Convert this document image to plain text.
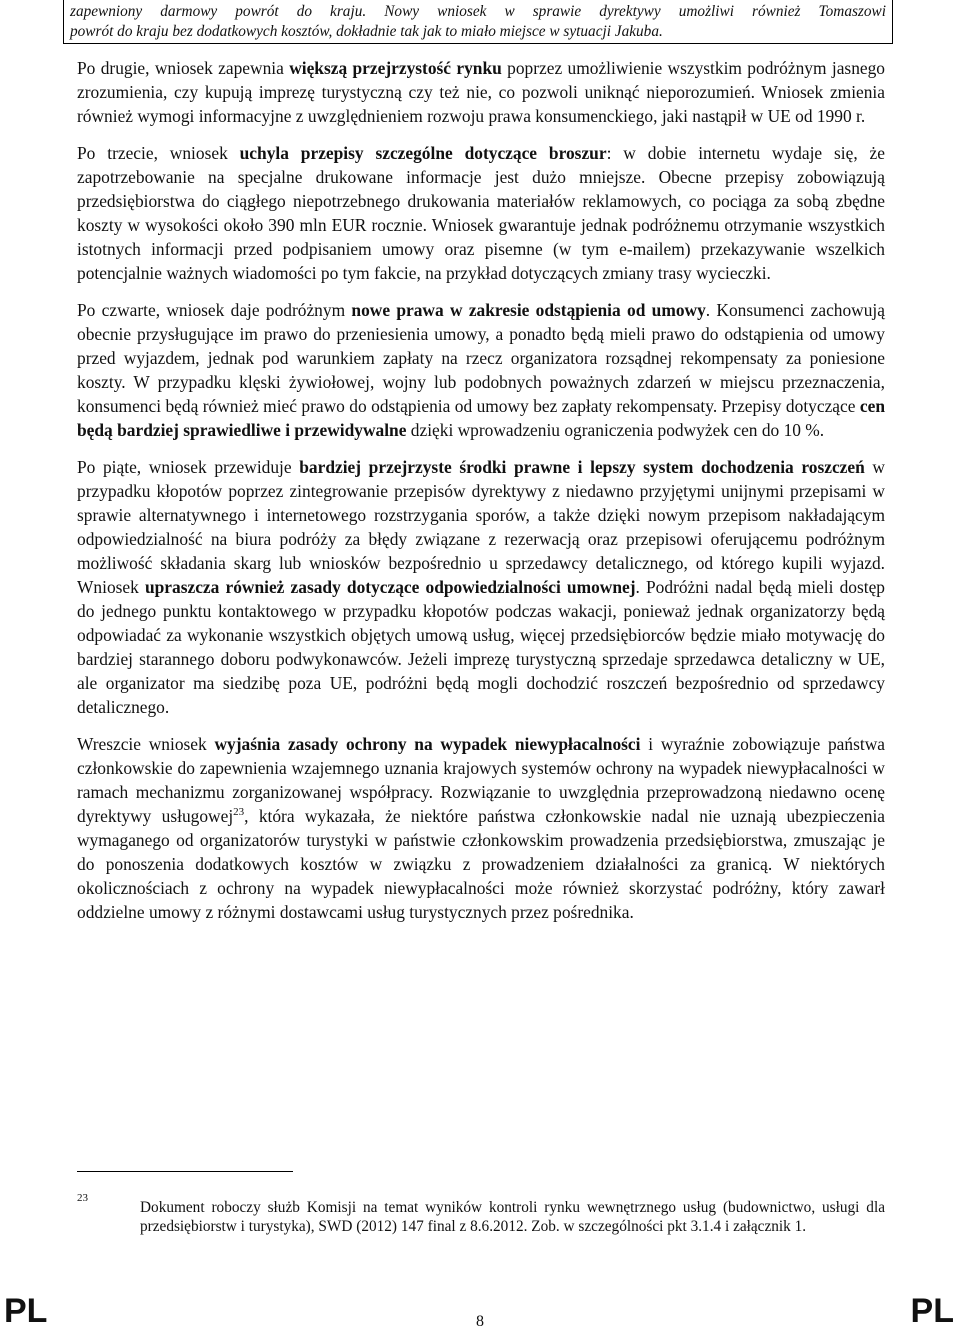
zapewniony darmowy powrót do kraju. Nowy wniosek w sprawie dyrektywy umożliwi również Tomaszowi
powrót do kraju bez dodatkowych kosztów, dokładnie tak jak to miało miejsce w sytuacji Jakuba.

Po drugie, wniosek zapewnia większą przejrzystość rynku poprzez umożliwienie wszystkim podróżnym jasnego zrozumienia, czy kupują imprezę turystyczną czy też nie, co pozwoli uniknąć nieporozumień. Wniosek zmienia również wymogi informacyjne z uwzględnieniem rozwoju prawa konsumenckiego, jaki nastąpił w UE od 1990 r.

Po trzecie, wniosek uchyla przepisy szczególne dotyczące broszur: w dobie internetu wydaje się, że zapotrzebowanie na specjalne drukowane informacje jest dużo mniejsze. Obecne przepisy zobowiązują przedsiębiorstwa do ciągłego niepotrzebnego drukowania materiałów reklamowych, co pociąga za sobą zbędne koszty w wysokości około 390 mln EUR rocznie. Wniosek gwarantuje jednak podróżnemu otrzymanie wszystkich istotnych informacji przed podpisaniem umowy oraz pisemne (w tym e-mailem) przekazywanie wszelkich potencjalnie ważnych wiadomości po tym fakcie, na przykład dotyczących zmiany trasy wycieczki.

Po czwarte, wniosek daje podróżnym nowe prawa w zakresie odstąpienia od umowy. Konsumenci zachowują obecnie przysługujące im prawo do przeniesienia umowy, a ponadto będą mieli prawo do odstąpienia od umowy przed wyjazdem, jednak pod warunkiem zapłaty na rzecz organizatora rozsądnej rekompensaty za poniesione koszty. W przypadku klęski żywiołowej, wojny lub podobnych poważnych zdarzeń w miejscu przeznaczenia, konsumenci będą również mieć prawo do odstąpienia od umowy bez zapłaty rekompensaty. Przepisy dotyczące cen będą bardziej sprawiedliwe i przewidywalne dzięki wprowadzeniu ograniczenia podwyżek cen do 10 %.

Po piąte, wniosek przewiduje bardziej przejrzyste środki prawne i lepszy system dochodzenia roszczeń w przypadku kłopotów poprzez zintegrowanie przepisów dyrektywy z niedawno przyjętymi unijnymi przepisami w sprawie alternatywnego i internetowego rozstrzygania sporów, a także dzięki nowym przepisom nakładającym odpowiedzialność na biura podróży za błędy związane z rezerwacją oraz przepisowi oferującemu podróżnym możliwość składania skarg lub wniosków bezpośrednio u sprzedawcy detalicznego, od którego kupili wyjazd. Wniosek upraszcza również zasady dotyczące odpowiedzialności umownej. Podróżni nadal będą mieli dostęp do jednego punktu kontaktowego w przypadku kłopotów podczas wakacji, ponieważ jednak organizatorzy będą odpowiadać za wykonanie wszystkich objętych umową usług, więcej przedsiębiorców będzie miało motywację do bardziej starannego doboru podwykonawców. Jeżeli imprezę turystyczną sprzedaje sprzedawca detaliczny w UE, ale organizator ma siedzibę poza UE, podróżni będą mogli dochodzić roszczeń bezpośrednio od sprzedawcy detalicznego.

Wreszcie wniosek wyjaśnia zasady ochrony na wypadek niewypłacalności i wyraźnie zobowiązuje państwa członkowskie do zapewnienia wzajemnego uznania krajowych systemów ochrony na wypadek niewypłacalności w ramach mechanizmu zorganizowanej współpracy. Rozwiązanie to uwzględnia przeprowadzoną niedawno ocenę dyrektywy usługowej$^{23}$, która wykazała, że niektóre państwa członkowskie nadal nie uznają ubezpieczenia wymaganego od organizatorów turystyki w państwie członkowskim prowadzenia przedsiębiorstwa, zmuszając je do ponoszenia dodatkowych kosztów w związku z prowadzeniem działalności za granicą. W niektórych okolicznościach z ochrony na wypadek niewypłacalności może również skorzystać podróżny, który zawarł oddzielne umowy z różnymi dostawcami usług turystycznych przez pośrednika.

23
Dokument roboczy służb Komisji na temat wyników kontroli rynku wewnętrznego usług (budownictwo, usługi dla przedsiębiorstw i turystyka), SWD (2012) 147 final z 8.6.2012. Zob. w szczególności pkt 3.1.4 i załącznik 1.
PL	8	PL
